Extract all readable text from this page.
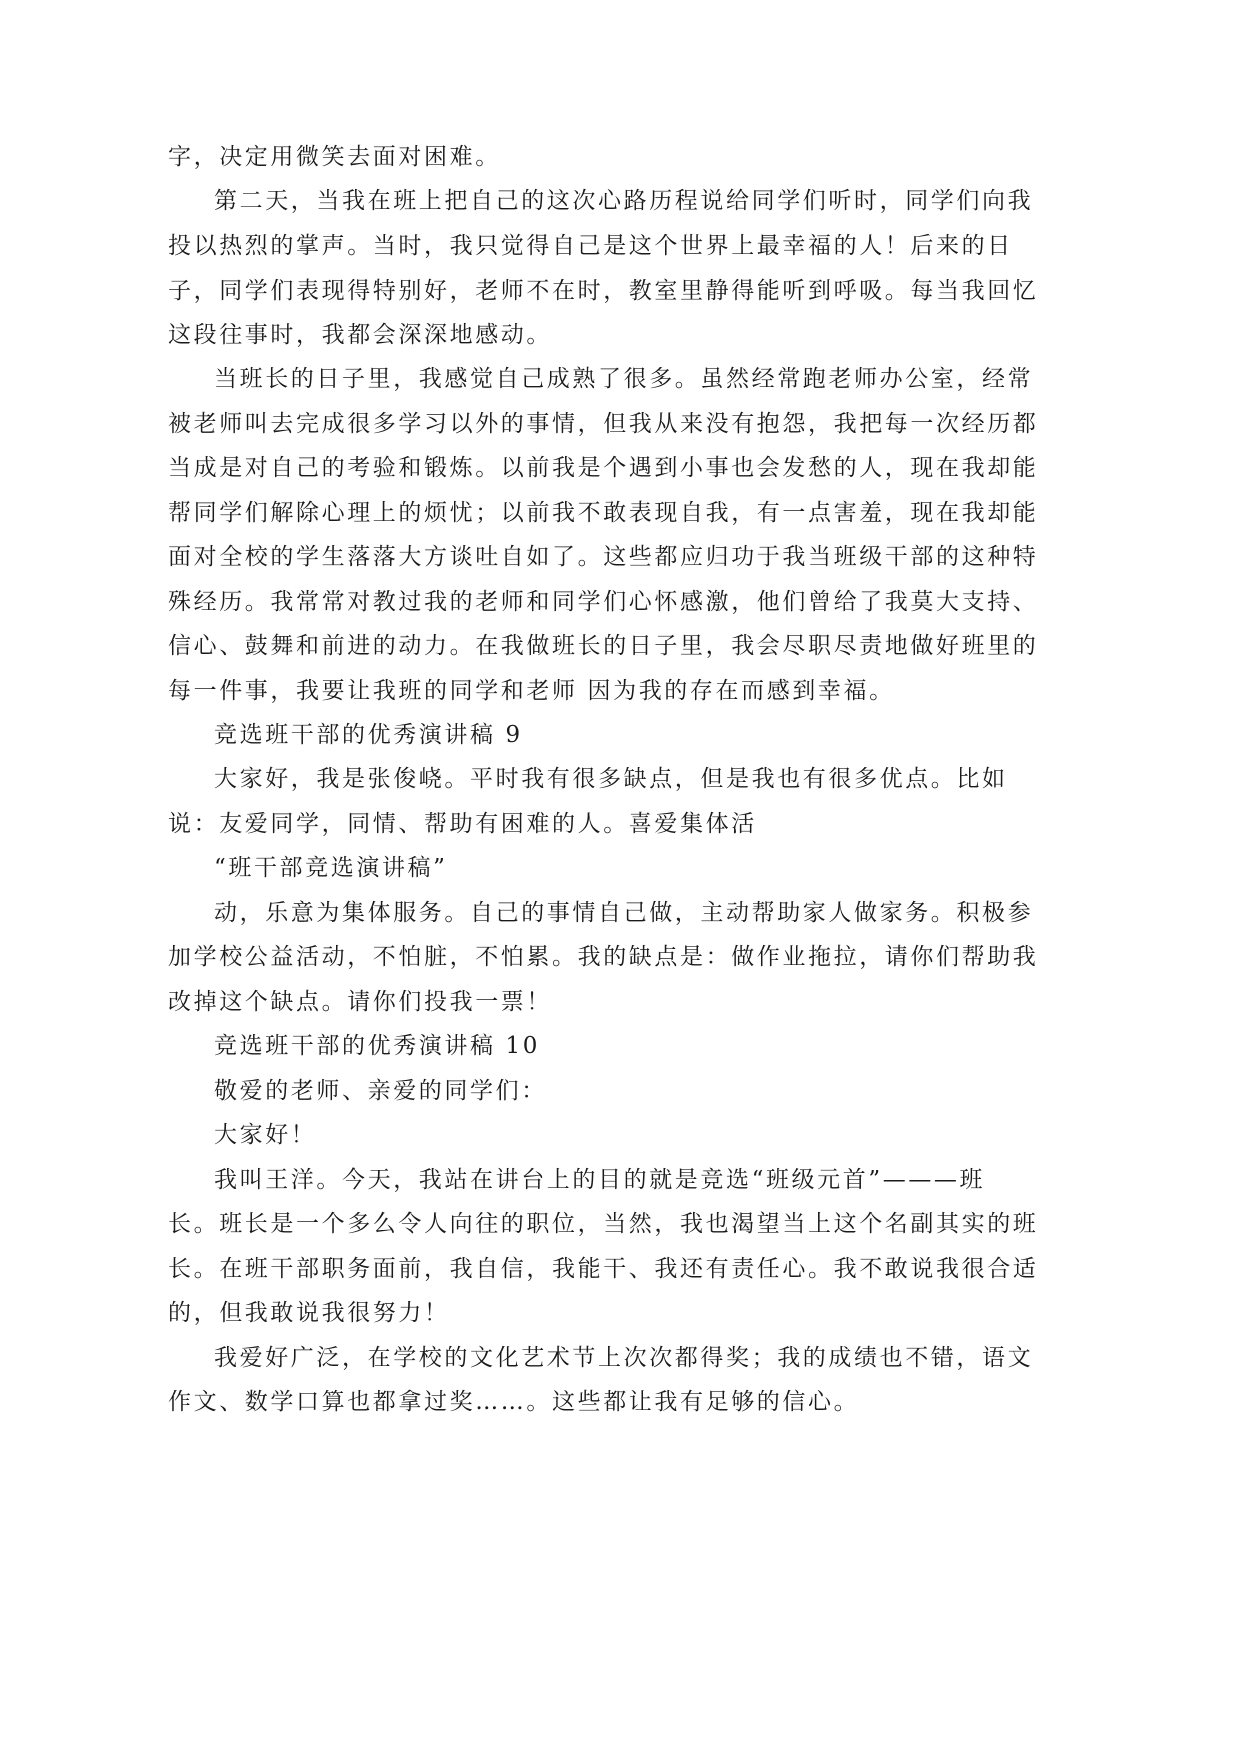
字，决定用微笑去面对困难。

第二天，当我在班上把自己的这次心路历程说给同学们听时，同学们向我

投以热烈的掌声。当时，我只觉得自己是这个世界上最幸福的人！后来的日

子，同学们表现得特别好，老师不在时，教室里静得能听到呼吸。每当我回忆

这段往事时，我都会深深地感动。

当班长的日子里，我感觉自己成熟了很多。虽然经常跑老师办公室，经常

被老师叫去完成很多学习以外的事情，但我从来没有抱怨，我把每一次经历都

当成是对自己的考验和锻炼。以前我是个遇到小事也会发愁的人，现在我却能

帮同学们解除心理上的烦忧；以前我不敢表现自我，有一点害羞，现在我却能

面对全校的学生落落大方谈吐自如了。这些都应归功于我当班级干部的这种特

殊经历。我常常对教过我的老师和同学们心怀感激，他们曾给了我莫大支持、

信心、鼓舞和前进的动力。在我做班长的日子里，我会尽职尽责地做好班里的

每一件事，我要让我班的同学和老师 因为我的存在而感到幸福。

竞选班干部的优秀演讲稿 9

大家好，我是张俊峣。平时我有很多缺点，但是我也有很多优点。比如

说：友爱同学，同情、帮助有困难的人。喜爱集体活

“班干部竞选演讲稿”

动，乐意为集体服务。自己的事情自己做，主动帮助家人做家务。积极参

加学校公益活动，不怕脏，不怕累。我的缺点是：做作业拖拉，请你们帮助我

改掉这个缺点。请你们投我一票！

竞选班干部的优秀演讲稿 10

敬爱的老师、亲爱的同学们：

大家好！

我叫王洋。今天，我站在讲台上的目的就是竞选“班级元首”———班

长。班长是一个多么令人向往的职位，当然，我也渴望当上这个名副其实的班

长。在班干部职务面前，我自信，我能干、我还有责任心。我不敢说我很合适

的，但我敢说我很努力！

我爱好广泛，在学校的文化艺术节上次次都得奖；我的成绩也不错，语文

作文、数学口算也都拿过奖……。这些都让我有足够的信心。
